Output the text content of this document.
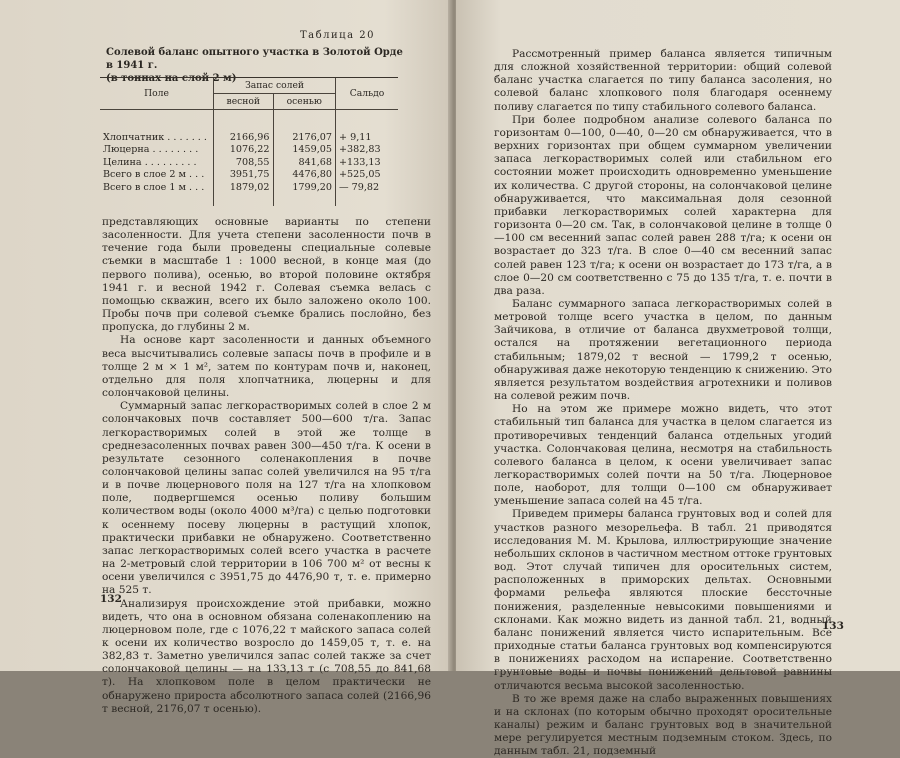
Таблица 20
Солевой баланс опытного участка в Золотой Орде в 1941 г.
(в тоннах на слой 2 м)
Поле	Запас солей		Сальдо
	весной	осенью	

Хлопчатник . . . . . . .	2166,96	2176,07	+ 9,11
Люцерна . . . . . . . .	1076,22	1459,05	+382,83
Целина . . . . . . . . .	708,55	841,68	+133,13
Всего в слое 2 м . . .	3951,75	4476,80	+525,05
Всего в слое 1 м . . .	1879,02	1799,20	— 79,82

представляющих основные варианты по степени засоленности. Для учета степени засоленности почв в течение года были проведены специальные солевые съемки в масштабе 1 : 1000 весной, в конце мая (до первого полива), осенью, во второй половине октября 1941 г. и весной 1942 г. Солевая съемка велась с помощью скважин, всего их было заложено около 100. Пробы почв при солевой съемке брались послойно, без пропуска, до глубины 2 м.

На основе карт засоленности и данных объемного веса высчитывались солевые запасы почв в профиле и в толще 2 м × 1 м², затем по контурам почв и, наконец, отдельно для поля хлопчатника, люцерны и для солончаковой целины.

Суммарный запас легкорастворимых солей в слое 2 м солончаковых почв составляет 500—600 т/га. Запас легкорастворимых солей в этой же толще в среднезасоленных почвах равен 300—450 т/га. К осени в результате сезонного соленакопления в почве солончаковой целины запас солей увеличился на 95 т/га и в почве люцернового поля на 127 т/га на хлопковом поле, подвергшемся осенью поливу большим количеством воды (около 4000 м³/га) с целью подготовки к осеннему посеву люцерны в растущий хлопок, практически прибавки не обнаружено. Соответственно запас легкорастворимых солей всего участка в расчете на 2-метровый слой территории в 106 700 м² от весны к осени увеличился с 3951,75 до 4476,90 т, т. е. примерно на 525 т.

Анализируя происхождение этой прибавки, можно видеть, что она в основном обязана соленакоплению на люцерновом поле, где с 1076,22 т майского запаса солей к осени их количество возросло до 1459,05 т, т. е. на 382,83 т. Заметно увеличился запас солей также за счет солончаковой целины — на 133,13 т (с 708,55 до 841,68 т). На хлопковом поле в целом практически не обнаружено прироста абсолютного запаса солей (2166,96 т весной, 2176,07 т осенью).

132

Рассмотренный пример баланса является типичным для сложной хозяйственной территории: общий солевой баланс участка слагается по типу баланса засоления, но солевой баланс хлопкового поля благодаря осеннему поливу слагается по типу стабильного солевого баланса.

При более подробном анализе солевого баланса по горизонтам 0—100, 0—40, 0—20 см обнаруживается, что в верхних горизонтах при общем суммарном увеличении запаса легкорастворимых солей или стабильном его состоянии может происходить одновременно уменьшение их количества. С другой стороны, на солончаковой целине обнаруживается, что максимальная доля сезонной прибавки легкорастворимых солей характерна для горизонта 0—20 см. Так, в солончаковой целине в толще 0—100 см весенний запас солей равен 288 т/га; к осени он возрастает до 323 т/га. В слое 0—40 см весенний запас солей равен 123 т/га; к осени он возрастает до 173 т/га, а в слое 0—20 см соответственно с 75 до 135 т/га, т. е. почти в два раза.

Баланс суммарного запаса легкорастворимых солей в метровой толще всего участка в целом, по данным Зайчикова, в отличие от баланса двухметровой толщи, остался на протяжении вегетационного периода стабильным; 1879,02 т весной — 1799,2 т осенью, обнаруживая даже некоторую тенденцию к снижению. Это является результатом воздействия агротехники и поливов на солевой режим почв.

Но на этом же примере можно видеть, что этот стабильный тип баланса для участка в целом слагается из противоречивых тенденций баланса отдельных угодий участка. Солончаковая целина, несмотря на стабильность солевого баланса в целом, к осени увеличивает запас легкорастворимых солей почти на 50 т/га. Люцерновое поле, наоборот, для толщи 0—100 см обнаруживает уменьшение запаса солей на 45 т/га.

Приведем примеры баланса грунтовых вод и солей для участков разного мезорельефа. В табл. 21 приводятся исследования М. М. Крылова, иллюстрирующие значение небольших склонов в частичном местном оттоке грунтовых вод. Этот случай типичен для оросительных систем, расположенных в приморских дельтах. Основными формами рельефа являются плоские бессточные понижения, разделенные невысокими повышениями и склонами. Как можно видеть из данной табл. 21, водный баланс понижений является чисто испарительным. Все приходные статьи баланса грунтовых вод компенсируются в понижениях расходом на испарение. Соответственно грунтовые воды и почвы понижений дельтовой равнины отличаются весьма высокой засоленностью.

В то же время даже на слабо выраженных повышениях и на склонах (по которым обычно проходят оросительные каналы) режим и баланс грунтовых вод в значительной мере регулируется местным подземным стоком. Здесь, по данным табл. 21, подземный

133
